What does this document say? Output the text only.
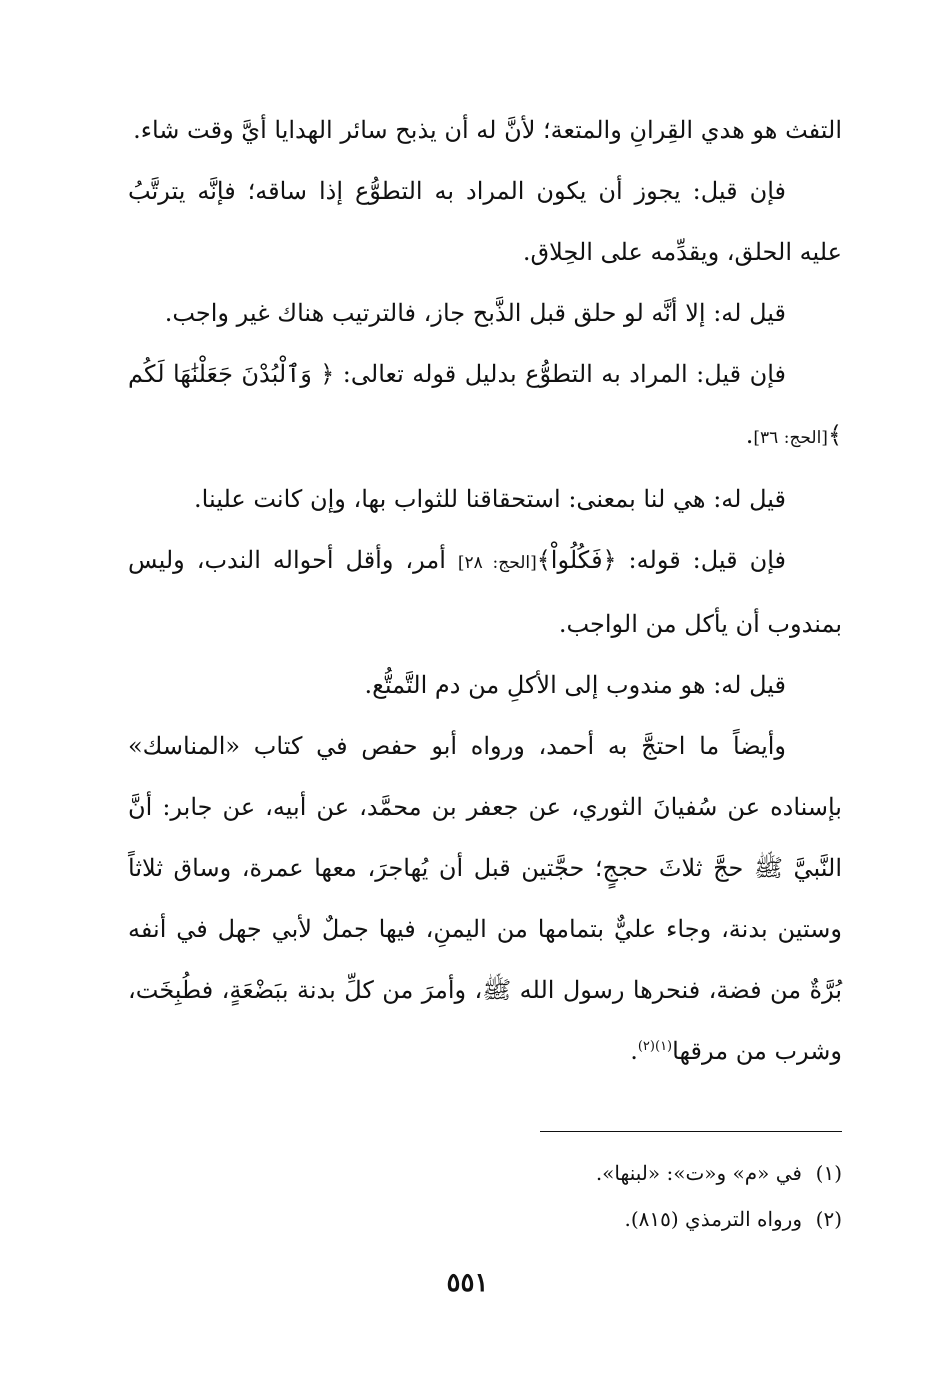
التفث هو هدي القِرانِ والمتعة؛ لأنَّ له أن يذبح سائر الهدايا أيَّ وقت شاء.

فإن قيل: يجوز أن يكون المراد به التطوُّع إذا ساقه؛ فإنَّه يترتَّبُ عليه الحلق، ويقدِّمه على الحِلاق.

قيل له: إلا أنَّه لو حلق قبل الذَّبح جاز، فالترتيب هناك غير واجب.

فإن قيل: المراد به التطوُّع بدليل قوله تعالى: ﴿ وَٱلْبُدْنَ جَعَلْنَٰهَا لَكُم ﴾[الحج: ٣٦].

قيل له: هي لنا بمعنى: استحقاقنا للثواب بها، وإن كانت علينا.

فإن قيل: قوله: ﴿فَكُلُواْ﴾[الحج: ٢٨] أمر، وأقل أحواله الندب، وليس بمندوب أن يأكل من الواجب.

قيل له: هو مندوب إلى الأكلِ من دم التَّمتُّع.

وأيضاً ما احتجَّ به أحمد، ورواه أبو حفص في كتاب «المناسك» بإسناده عن سُفيانَ الثوري، عن جعفر بن محمَّد، عن أبيه، عن جابر: أنَّ النَّبيَّ ﷺ حجَّ ثلاثَ حججٍ؛ حجَّتين قبل أن يُهاجرَ، معها عمرة، وساق ثلاثاً وستين بدنة، وجاء عليٌّ بتمامها من اليمنِ، فيها جملٌ لأبي جهل في أنفه بُرَّةٌ من فضة، فنحرها رسول الله ﷺ، وأمرَ من كلِّ بدنة ببَضْعَةٍ، فطُبِخَت، وشرب من مرقها$^{(١)(٢)}$.

(١)في «م» و«ت»: «لبنها».

(٢)ورواه الترمذي (٨١٥).

٥٥١
